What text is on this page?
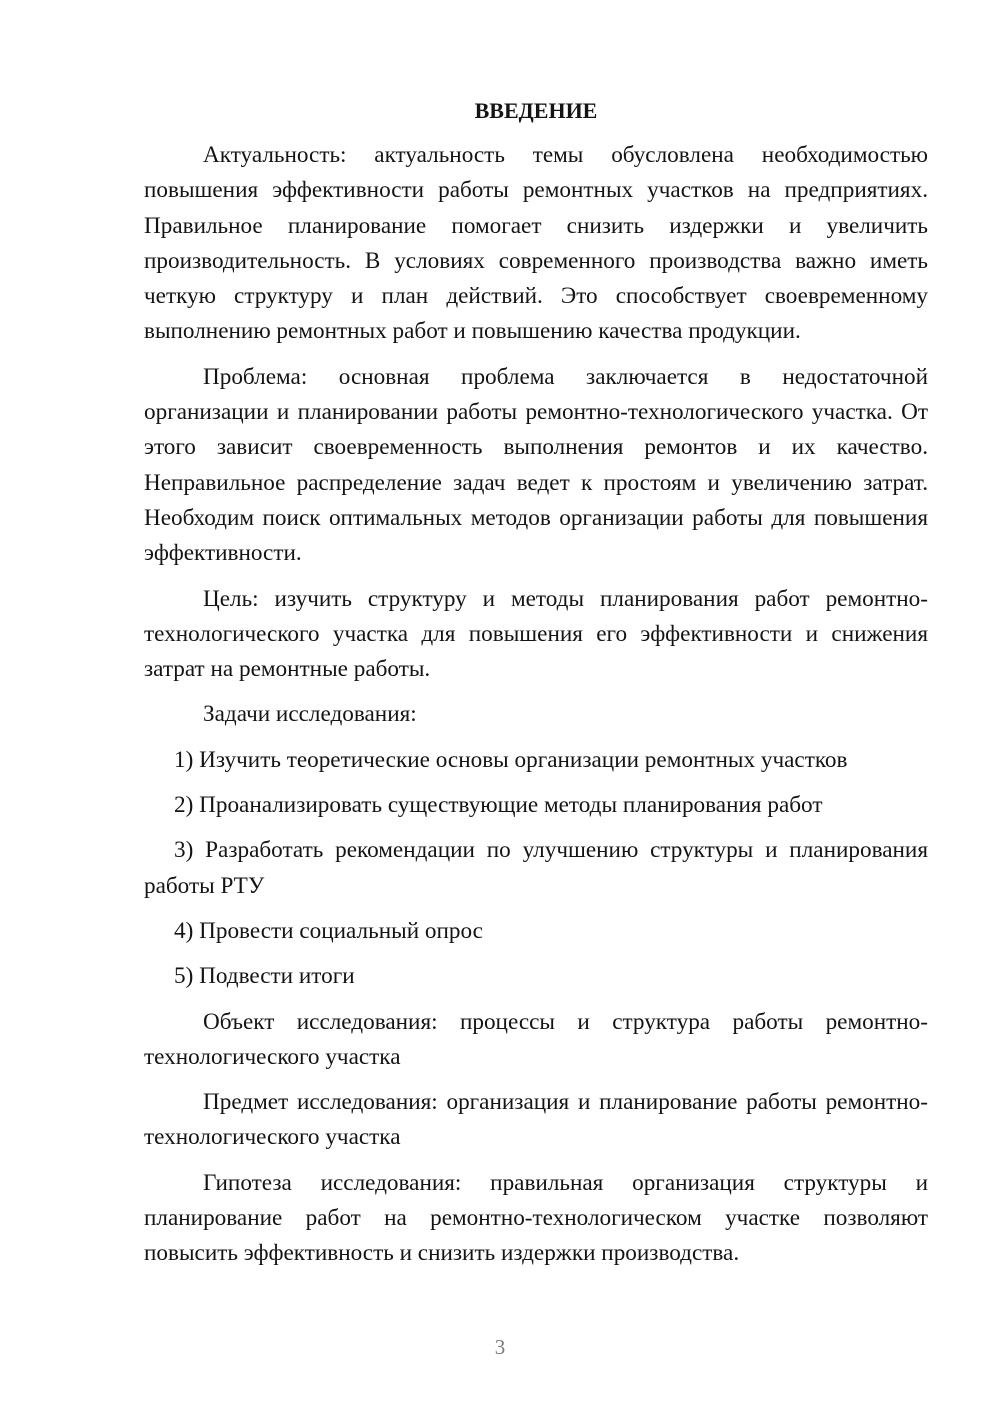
ВВЕДЕНИЕ

Актуальность: актуальность темы обусловлена необходимостью повышения эффективности работы ремонтных участков на предприятиях. Правильное планирование помогает снизить издержки и увеличить производительность. В условиях современного производства важно иметь четкую структуру и план действий. Это способствует своевременному выполнению ремонтных работ и повышению качества продукции.

Проблема: основная проблема заключается в недостаточной организации и планировании работы ремонтно-технологического участка. От этого зависит своевременность выполнения ремонтов и их качество. Неправильное распределение задач ведет к простоям и увеличению затрат. Необходим поиск оптимальных методов организации работы для повышения эффективности.

Цель: изучить структуру и методы планирования работ ремонтно-технологического участка для повышения его эффективности и снижения затрат на ремонтные работы.

Задачи исследования:

1) Изучить теоретические основы организации ремонтных участков

2) Проанализировать существующие методы планирования работ

3) Разработать рекомендации по улучшению структуры и планирования работы РТУ

4) Провести социальный опрос

5) Подвести итоги

Объект исследования: процессы и структура работы ремонтно-технологического участка

Предмет исследования: организация и планирование работы ремонтно-технологического участка

Гипотеза исследования: правильная организация структуры и планирование работ на ремонтно-технологическом участке позволяют повысить эффективность и снизить издержки производства.

3
